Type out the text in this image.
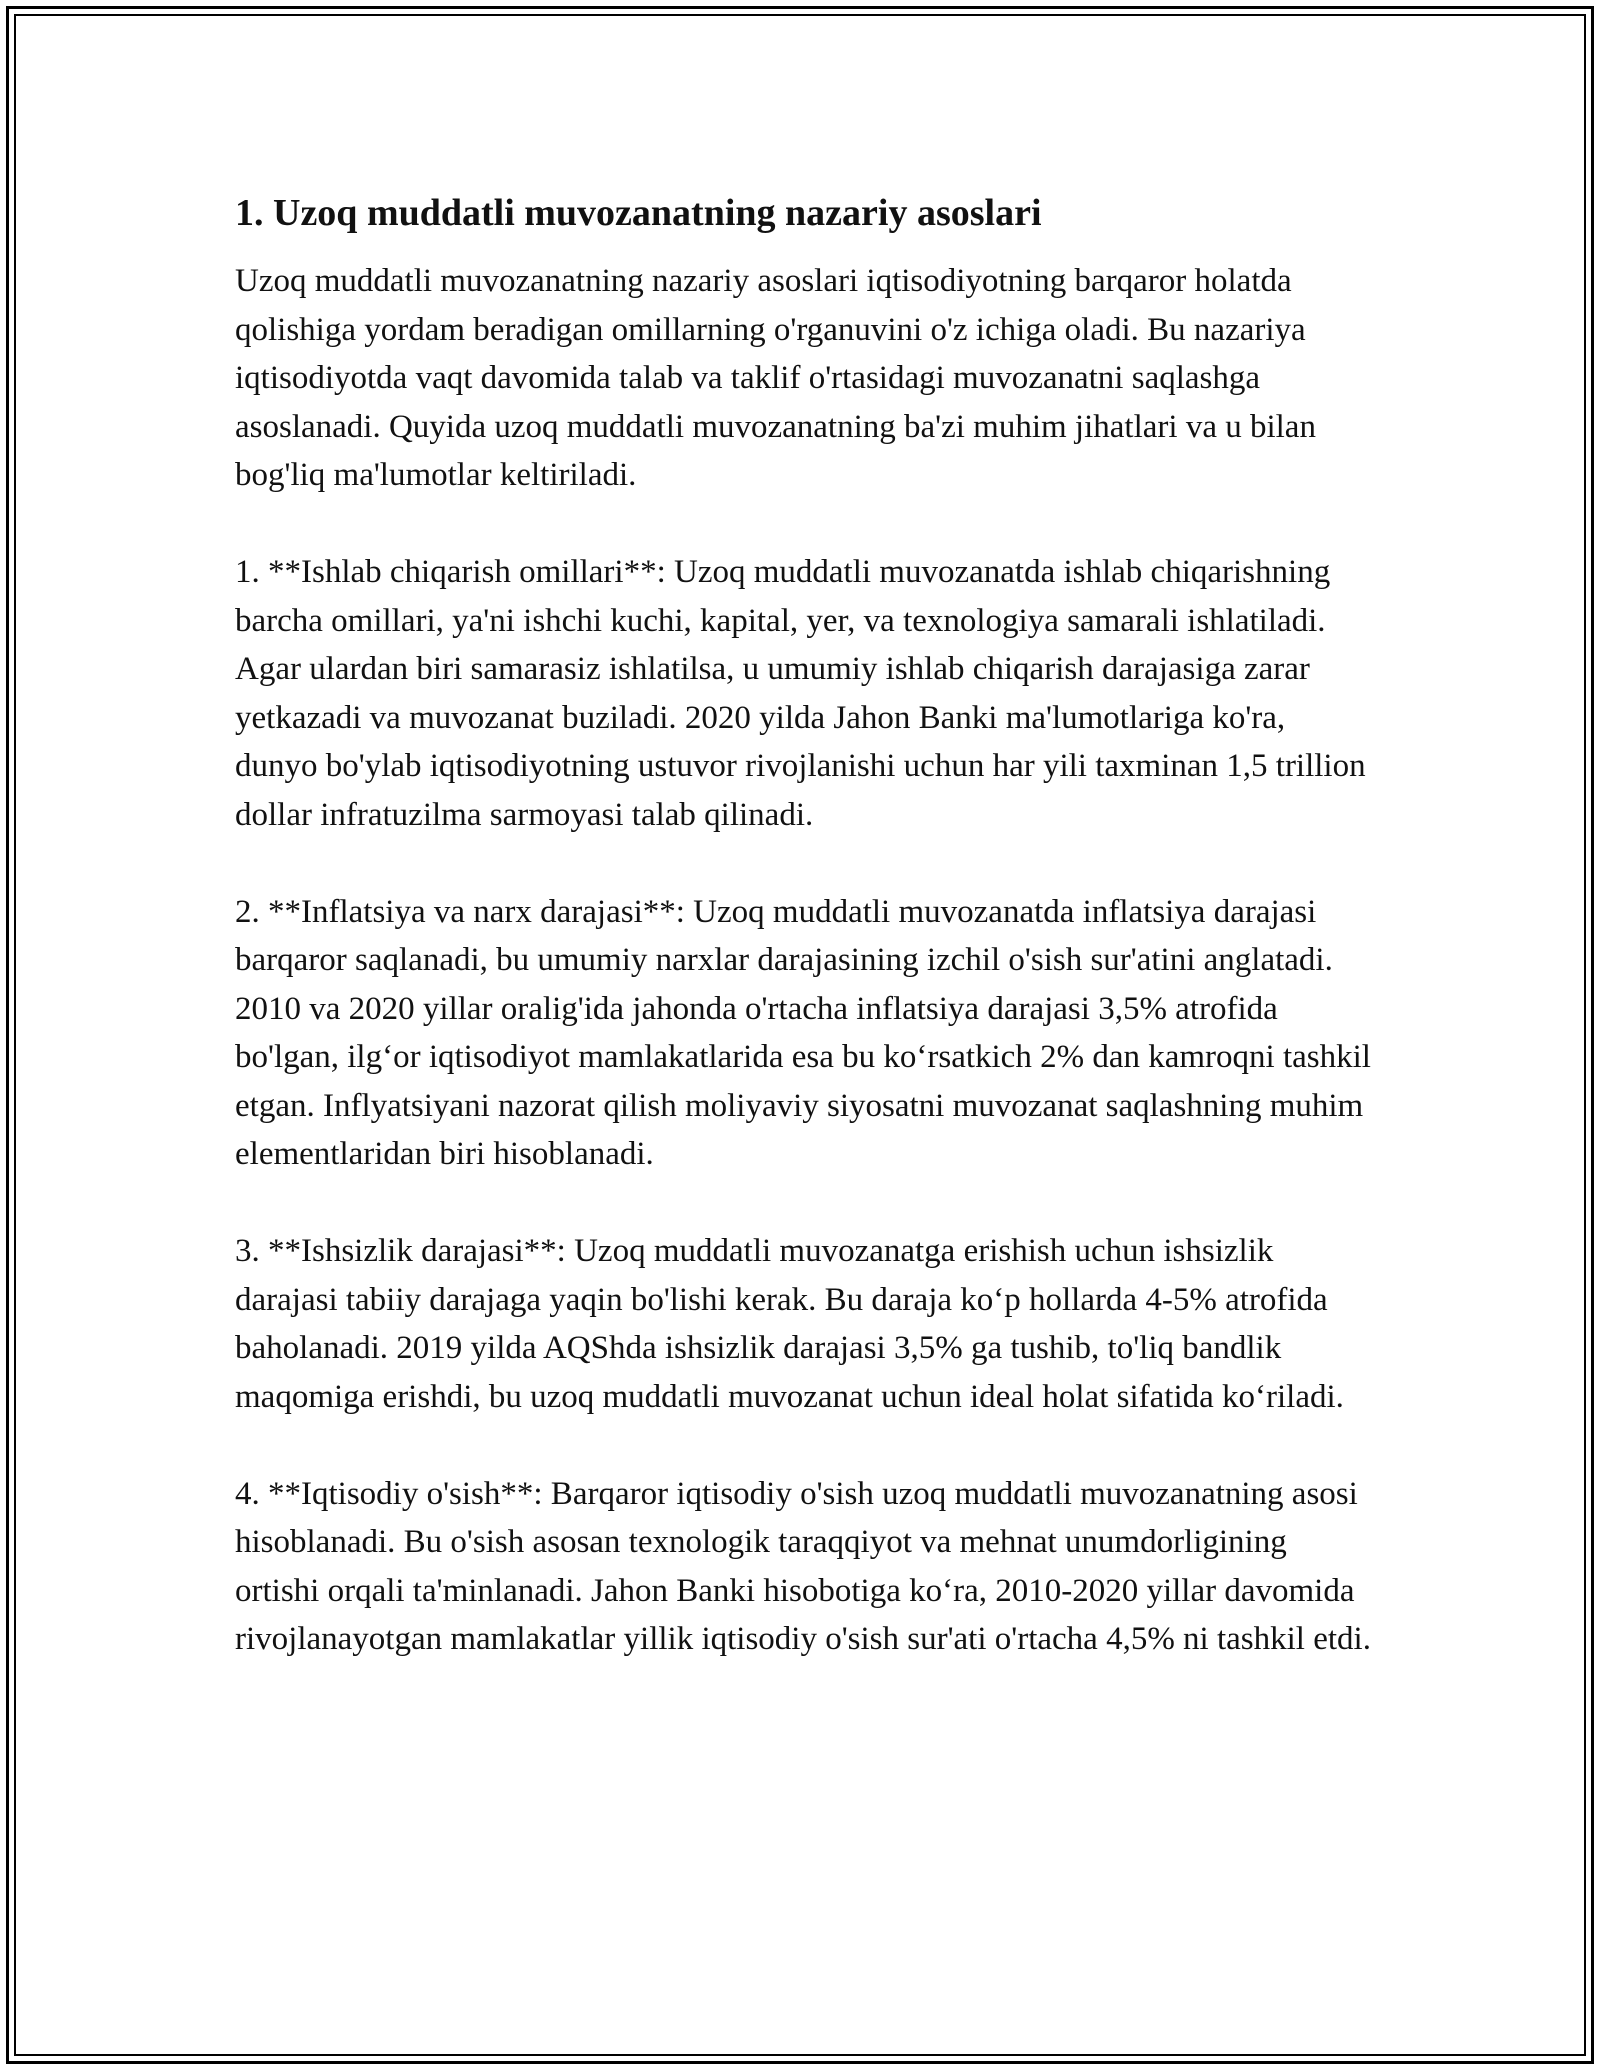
1. Uzoq muddatli muvozanatning nazariy asoslari

Uzoq muddatli muvozanatning nazariy asoslari iqtisodiyotning barqaror holatda qolishiga yordam beradigan omillarning o'rganuvini o'z ichiga oladi. Bu nazariya iqtisodiyotda vaqt davomida talab va taklif o'rtasidagi muvozanatni saqlashga asoslanadi. Quyida uzoq muddatli muvozanatning ba'zi muhim jihatlari va u bilan bog'liq ma'lumotlar keltiriladi.

1. **Ishlab chiqarish omillari**: Uzoq muddatli muvozanatda ishlab chiqarishning barcha omillari, ya'ni ishchi kuchi, kapital, yer, va texnologiya samarali ishlatiladi. Agar ulardan biri samarasiz ishlatilsa, u umumiy ishlab chiqarish darajasiga zarar yetkazadi va muvozanat buziladi. 2020 yilda Jahon Banki ma'lumotlariga ko'ra, dunyo bo'ylab iqtisodiyotning ustuvor rivojlanishi uchun har yili taxminan 1,5 trillion dollar infratuzilma sarmoyasi talab qilinadi.

2. **Inflatsiya va narx darajasi**: Uzoq muddatli muvozanatda inflatsiya darajasi barqaror saqlanadi, bu umumiy narxlar darajasining izchil o'sish sur'atini anglatadi. 2010 va 2020 yillar oralig'ida jahonda o'rtacha inflatsiya darajasi 3,5% atrofida bo'lgan, ilg‘or iqtisodiyot mamlakatlarida esa bu ko‘rsatkich 2% dan kamroqni tashkil etgan. Inflyatsiyani nazorat qilish moliyaviy siyosatni muvozanat saqlashning muhim elementlaridan biri hisoblanadi.

3. **Ishsizlik darajasi**: Uzoq muddatli muvozanatga erishish uchun ishsizlik darajasi tabiiy darajaga yaqin bo'lishi kerak. Bu daraja ko‘p hollarda 4-5% atrofida baholanadi. 2019 yilda AQShda ishsizlik darajasi 3,5% ga tushib, to'liq bandlik maqomiga erishdi, bu uzoq muddatli muvozanat uchun ideal holat sifatida ko‘riladi.

4. **Iqtisodiy o'sish**: Barqaror iqtisodiy o'sish uzoq muddatli muvozanatning asosi hisoblanadi. Bu o'sish asosan texnologik taraqqiyot va mehnat unumdorligining ortishi orqali ta'minlanadi. Jahon Banki hisobotiga ko‘ra, 2010-2020 yillar davomida rivojlanayotgan mamlakatlar yillik iqtisodiy o'sish sur'ati o'rtacha 4,5% ni tashkil etdi.
